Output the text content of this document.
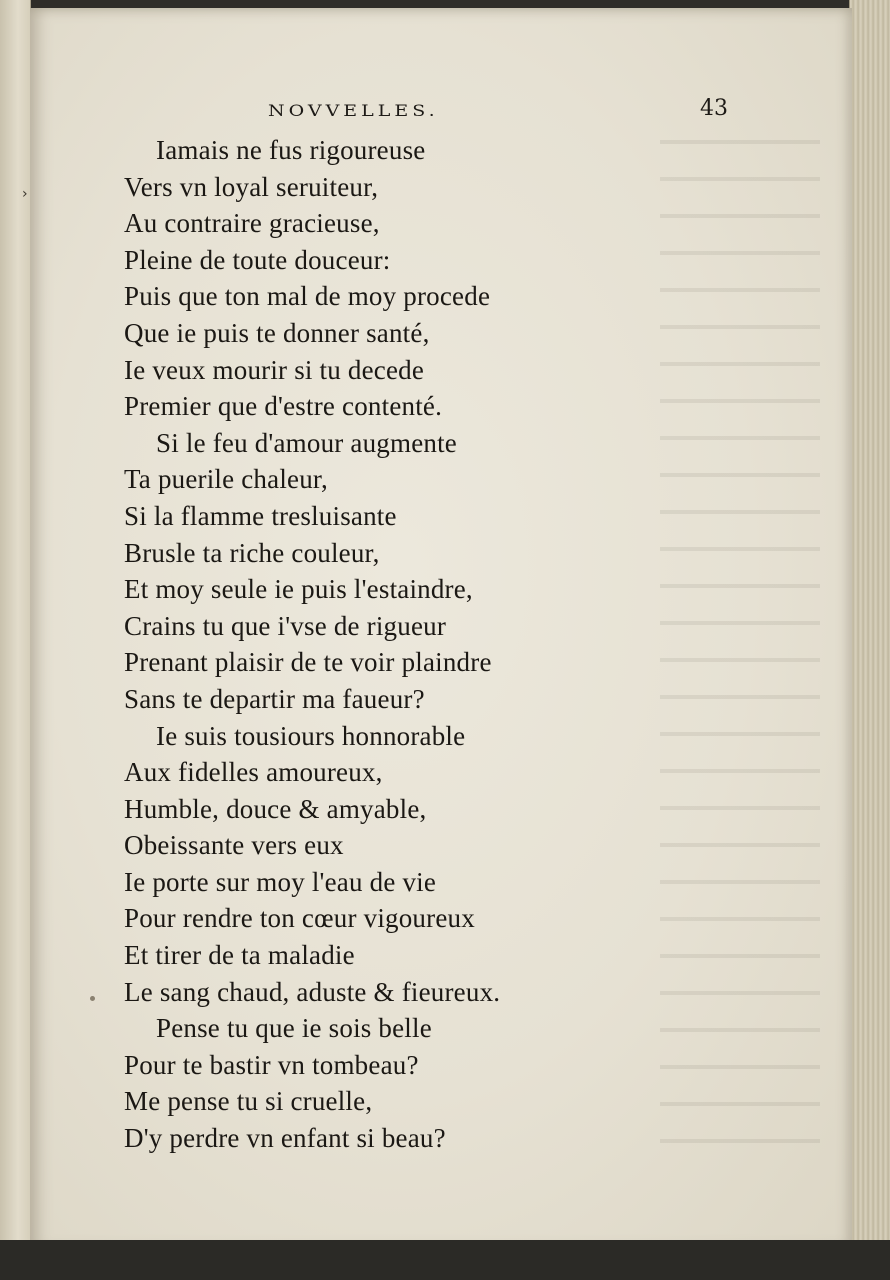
›
NOVVELLES.	43
Iamais ne fus rigoureuse
Vers vn loyal seruiteur,
Au contraire gracieuse,
Pleine de toute douceur:
Puis que ton mal de moy procede
Que ie puis te donner santé,
Ie veux mourir si tu decede
Premier que d'estre contenté.
Si le feu d'amour augmente
Ta puerile chaleur,
Si la flamme tresluisante
Brusle ta riche couleur,
Et moy seule ie puis l'estaindre,
Crains tu que i'vse de rigueur
Prenant plaisir de te voir plaindre
Sans te departir ma faueur?
Ie suis tousiours honnorable
Aux fidelles amoureux,
Humble, douce & amyable,
Obeissante vers eux
Ie porte sur moy l'eau de vie
Pour rendre ton cœur vigoureux
Et tirer de ta maladie
Le sang chaud, aduste & fieureux.
Pense tu que ie sois belle
Pour te bastir vn tombeau?
Me pense tu si cruelle,
D'y perdre vn enfant si beau?
